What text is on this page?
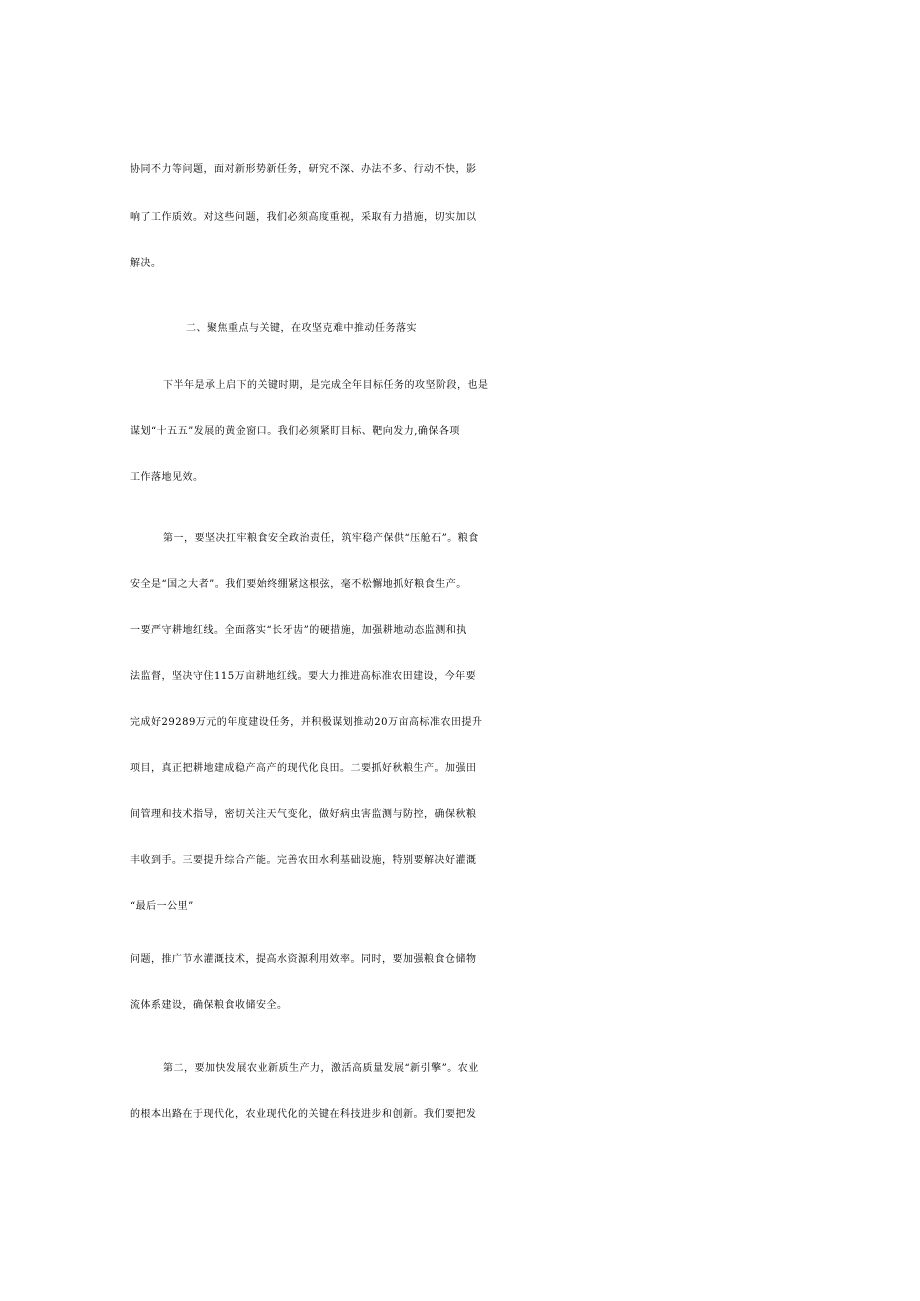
协同不力等问题，面对新形势新任务，研究不深、办法不多、行动不快，影
响了工作质效。对这些问题，我们必须高度重视，采取有力措施，切实加以
解决。
二、聚焦重点与关键，在攻坚克难中推动任务落实
下半年是承上启下的关键时期，是完成全年目标任务的攻坚阶段，也是
谋划“十五五”发展的黄金窗口。我们必须紧盯目标、靶向发力,确保各项
工作落地见效。
第一，要坚决扛牢粮食安全政治责任，筑牢稳产保供“压舱石”。粮食
安全是“国之大者”。我们要始终绷紧这根弦，毫不松懈地抓好粮食生产。
一要严守耕地红线。全面落实“长牙齿”的硬措施，加强耕地动态监测和执
法监督，坚决守住115万亩耕地红线。要大力推进高标准农田建设，今年要
完成好29289万元的年度建设任务，并积极谋划推动20万亩高标准农田提升
项目，真正把耕地建成稳产高产的现代化良田。二要抓好秋粮生产。加强田
间管理和技术指导，密切关注天气变化，做好病虫害监测与防控，确保秋粮
丰收到手。三要提升综合产能。完善农田水利基础设施，特别要解决好灌溉
“最后一公里”
问题，推广节水灌溉技术，提高水资源利用效率。同时，要加强粮食仓储物
流体系建设，确保粮食收储安全。
第二，要加快发展农业新质生产力，激活高质量发展“新引擎”。农业
的根本出路在于现代化，农业现代化的关键在科技进步和创新。我们要把发
